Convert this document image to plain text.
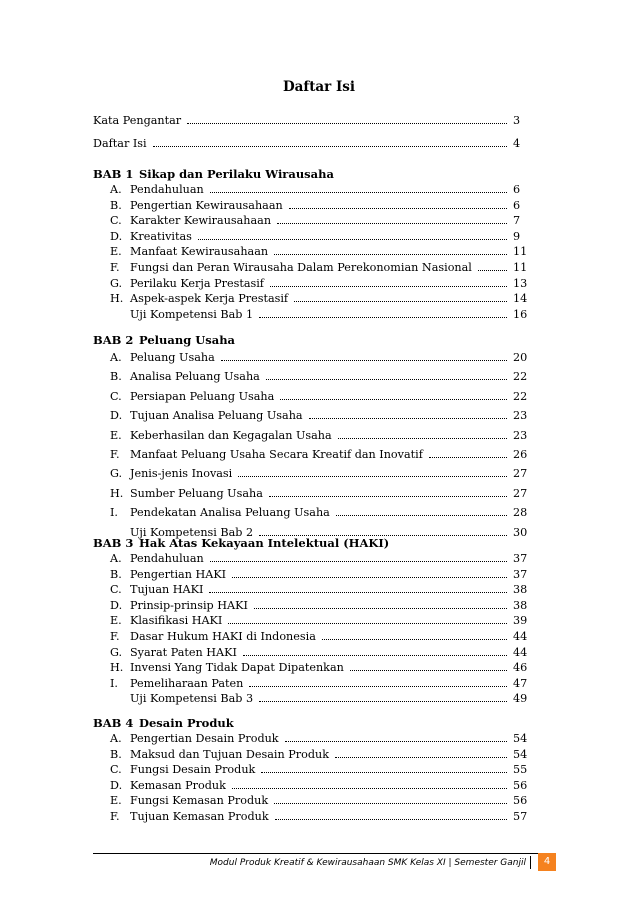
Daftar Isi
Kata Pengantar	3
Daftar Isi	4
BAB 1 Sikap dan Perilaku Wirausaha
A. Pendahuluan	6
B. Pengertian Kewirausahaan	6
C. Karakter Kewirausahaan	7
D. Kreativitas	9
E. Manfaat Kewirausahaan	11
F. Fungsi dan Peran Wirausaha Dalam Perekonomian Nasional	11
G. Perilaku Kerja Prestasif	13
H. Aspek-aspek Kerja Prestasif	14
Uji Kompetensi Bab 1	16
BAB 2 Peluang Usaha
A. Peluang Usaha	20
B. Analisa Peluang Usaha	22
C. Persiapan Peluang Usaha	22
D. Tujuan Analisa Peluang Usaha	23
E. Keberhasilan dan Kegagalan Usaha	23
F. Manfaat Peluang Usaha Secara Kreatif dan Inovatif	26
G. Jenis-jenis Inovasi	27
H. Sumber Peluang Usaha	27
I.	Pendekatan Analisa Peluang Usaha	28
Uji Kompetensi Bab 2	30
BAB 3 Hak Atas Kekayaan Intelektual (HAKI)
A. Pendahuluan	37
B. Pengertian HAKI	37
C. Tujuan HAKI	38
D. Prinsip-prinsip HAKI	38
E. Klasifikasi HAKI	39
F. Dasar Hukum HAKI di Indonesia	44
G. Syarat Paten HAKI	44
H. Invensi Yang Tidak Dapat Dipatenkan	46
I.	Pemeliharaan Paten	47
Uji Kompetensi Bab 3	49
BAB 4 Desain Produk
A. Pengertian Desain Produk	54
B. Maksud dan Tujuan Desain Produk	54
C. Fungsi Desain Produk	55
D. Kemasan Produk	56
E. Fungsi Kemasan Produk	56
F. Tujuan Kemasan Produk	57
Modul Produk Kreatif & Kewirausahaan SMK Kelas XI | Semester Ganjil	4
